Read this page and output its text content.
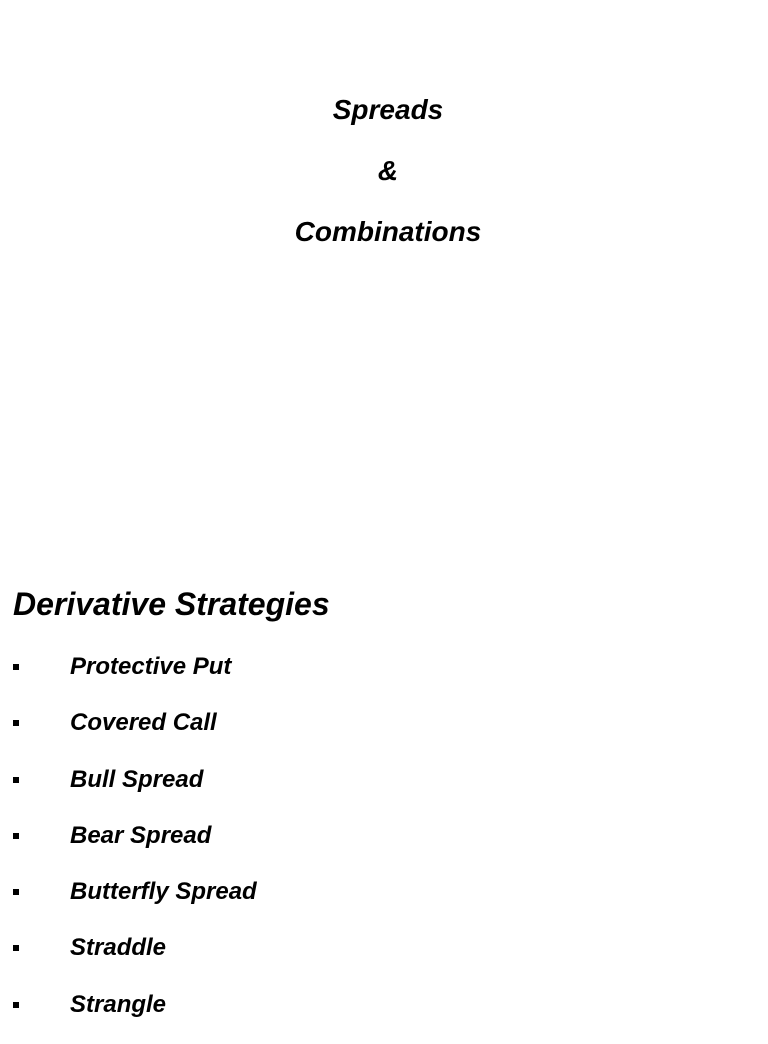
Spreads
&
Combinations
Derivative Strategies
Protective Put
Covered Call
Bull Spread
Bear Spread
Butterfly Spread
Straddle
Strangle
